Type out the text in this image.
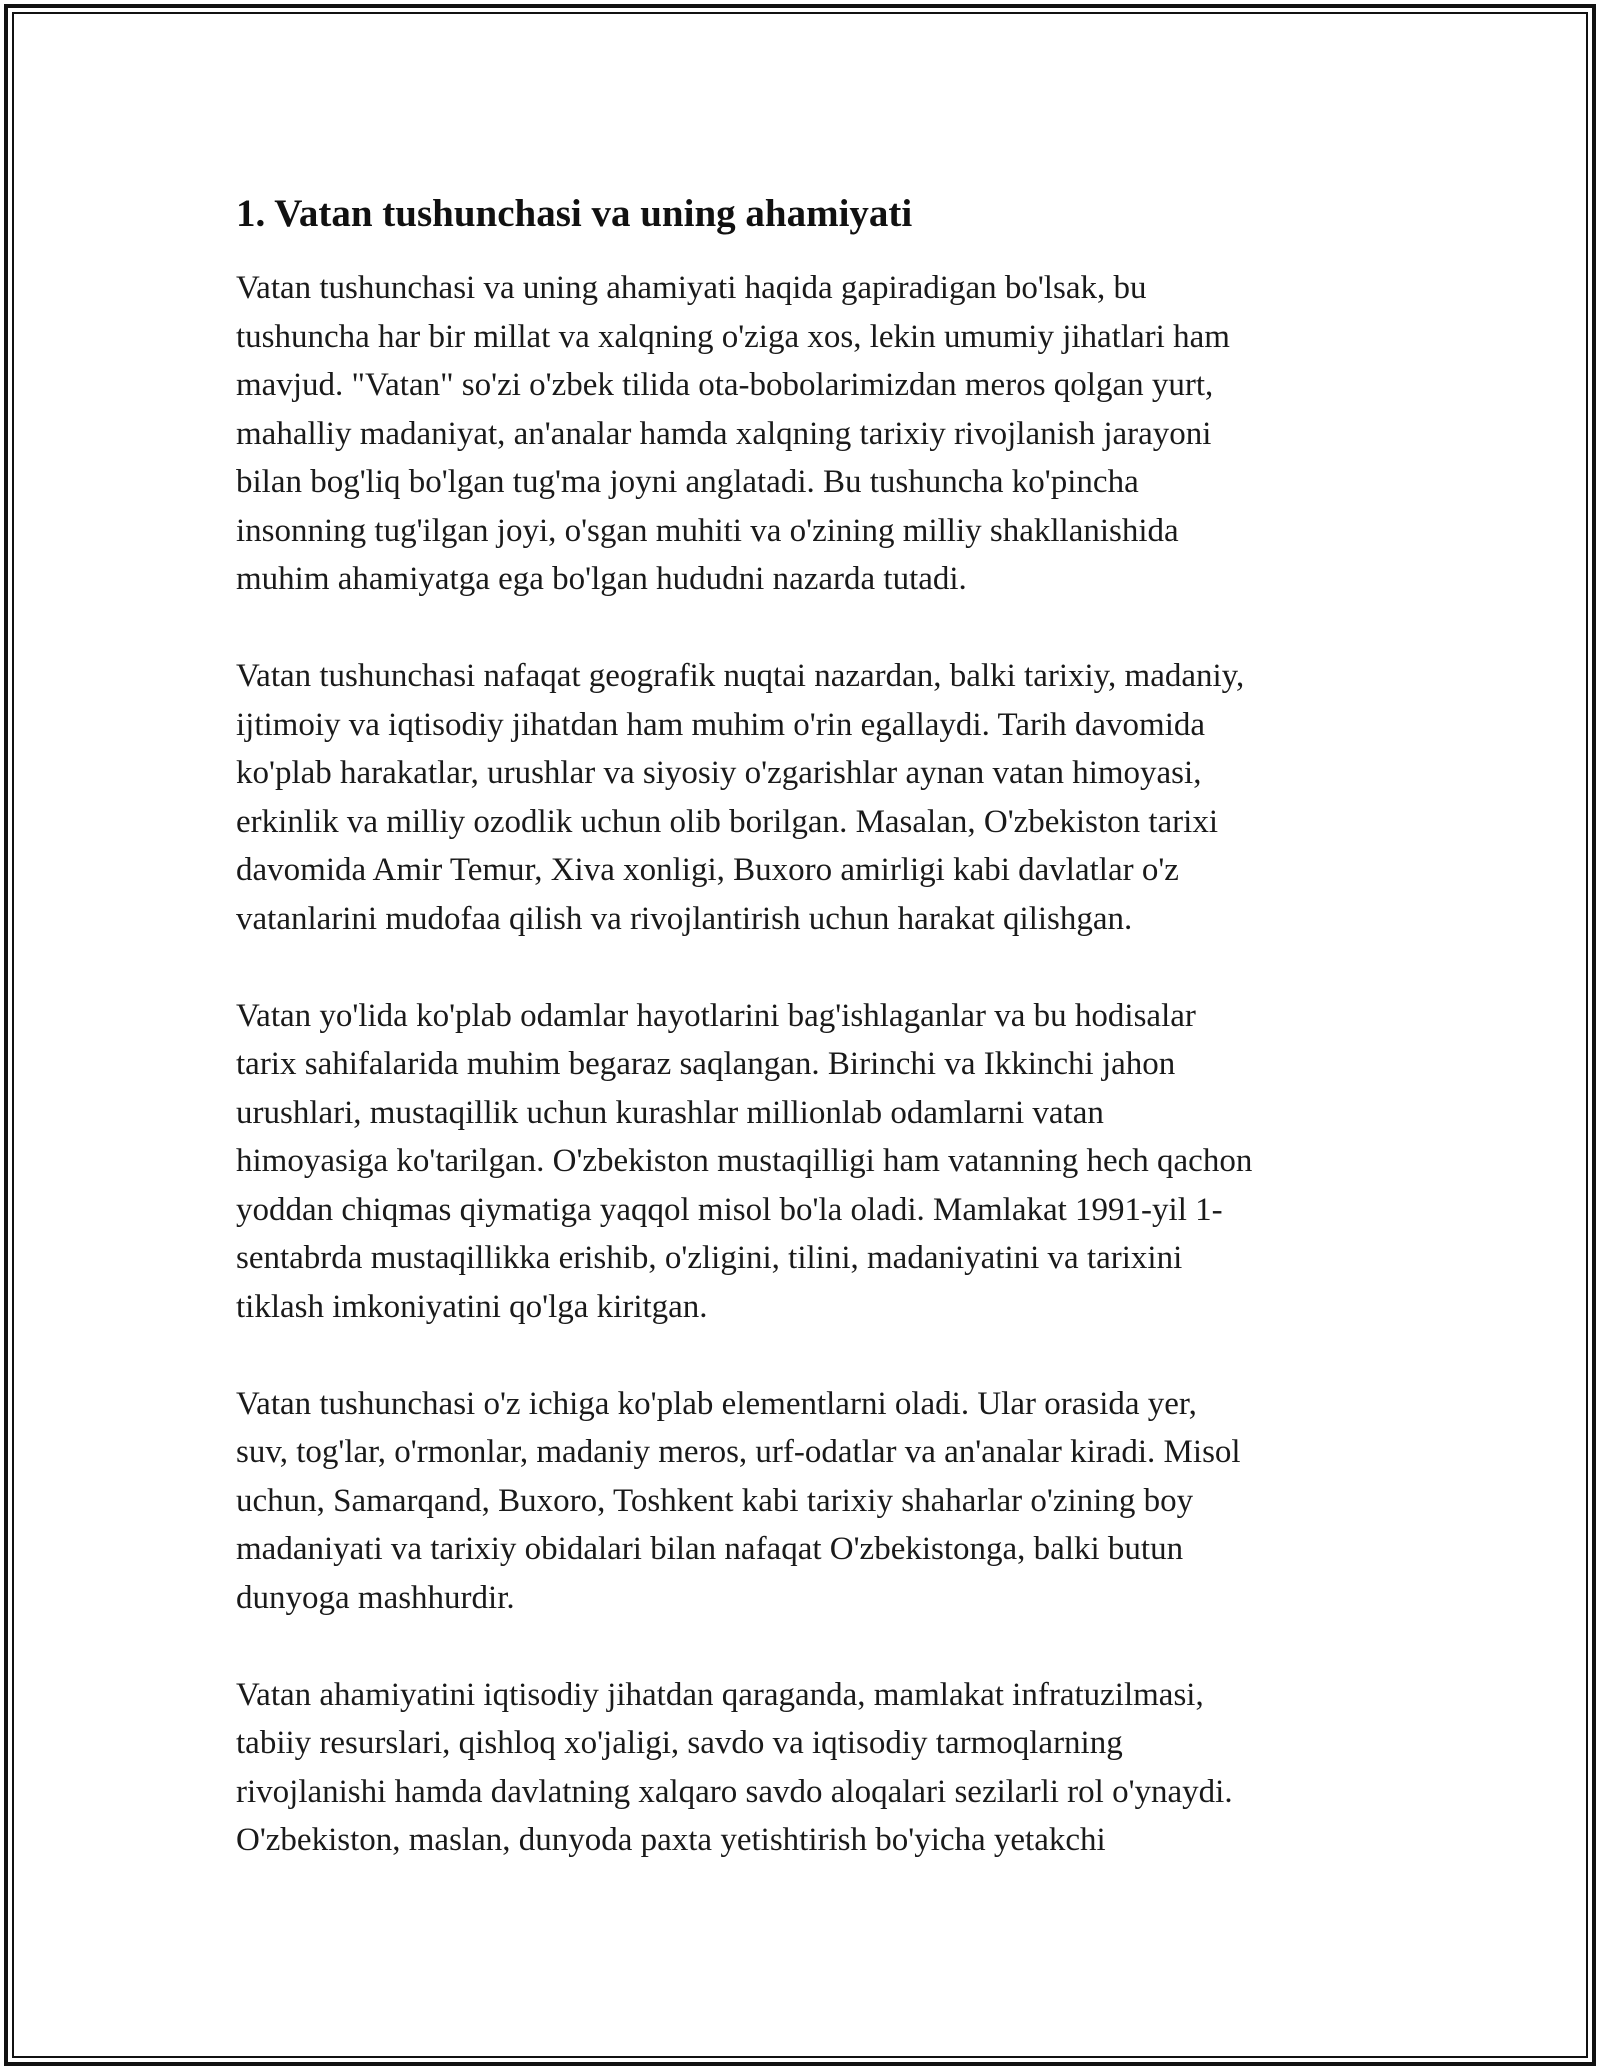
1. Vatan tushunchasi va uning ahamiyati

Vatan tushunchasi va uning ahamiyati haqida gapiradigan bo'lsak, bu
tushuncha har bir millat va xalqning o'ziga xos, lekin umumiy jihatlari ham
mavjud. "Vatan" so'zi o'zbek tilida ota-bobolarimizdan meros qolgan yurt,
mahalliy madaniyat, an'analar hamda xalqning tarixiy rivojlanish jarayoni
bilan bog'liq bo'lgan tug'ma joyni anglatadi. Bu tushuncha ko'pincha
insonning tug'ilgan joyi, o'sgan muhiti va o'zining milliy shakllanishida
muhim ahamiyatga ega bo'lgan hududni nazarda tutadi.

Vatan tushunchasi nafaqat geografik nuqtai nazardan, balki tarixiy, madaniy,
ijtimoiy va iqtisodiy jihatdan ham muhim o'rin egallaydi. Tarih davomida
ko'plab harakatlar, urushlar va siyosiy o'zgarishlar aynan vatan himoyasi,
erkinlik va milliy ozodlik uchun olib borilgan. Masalan, O'zbekiston tarixi
davomida Amir Temur, Xiva xonligi, Buxoro amirligi kabi davlatlar o'z
vatanlarini mudofaa qilish va rivojlantirish uchun harakat qilishgan.

Vatan yo'lida ko'plab odamlar hayotlarini bag'ishlaganlar va bu hodisalar
tarix sahifalarida muhim begaraz saqlangan. Birinchi va Ikkinchi jahon
urushlari, mustaqillik uchun kurashlar millionlab odamlarni vatan
himoyasiga ko'tarilgan. O'zbekiston mustaqilligi ham vatanning hech qachon
yoddan chiqmas qiymatiga yaqqol misol bo'la oladi. Mamlakat 1991-yil 1-
sentabrda mustaqillikka erishib, o'zligini, tilini, madaniyatini va tarixini
tiklash imkoniyatini qo'lga kiritgan.

Vatan tushunchasi o'z ichiga ko'plab elementlarni oladi. Ular orasida yer,
suv, tog'lar, o'rmonlar, madaniy meros, urf-odatlar va an'analar kiradi. Misol
uchun, Samarqand, Buxoro, Toshkent kabi tarixiy shaharlar o'zining boy
madaniyati va tarixiy obidalari bilan nafaqat O'zbekistonga, balki butun
dunyoga mashhurdir.

Vatan ahamiyatini iqtisodiy jihatdan qaraganda, mamlakat infratuzilmasi,
tabiiy resurslari, qishloq xo'jaligi, savdo va iqtisodiy tarmoqlarning
rivojlanishi hamda davlatning xalqaro savdo aloqalari sezilarli rol o'ynaydi.
O'zbekiston, maslan, dunyoda paxta yetishtirish bo'yicha yetakchi
